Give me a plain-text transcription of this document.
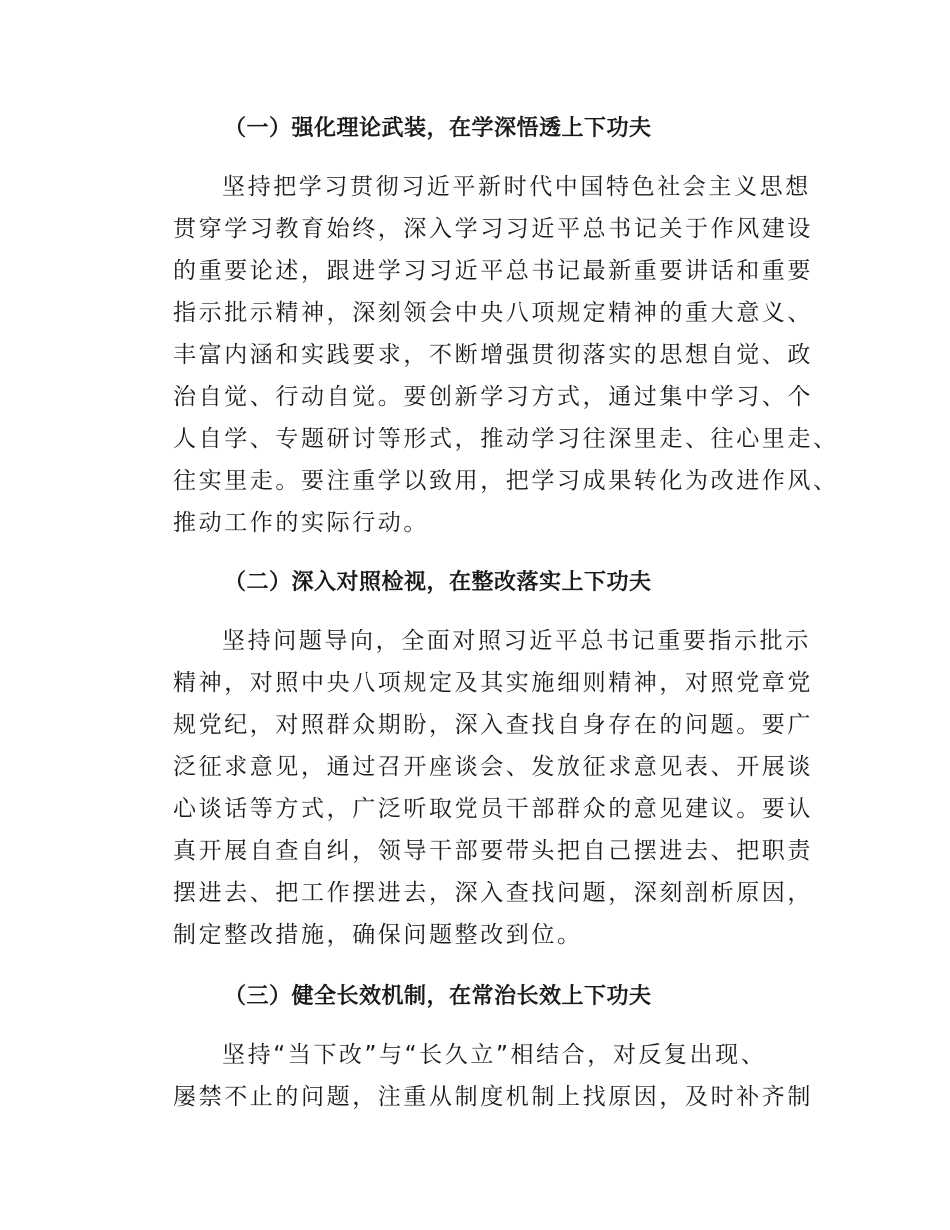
（一）强化理论武装，在学深悟透上下功夫
坚持把学习贯彻习近平新时代中国特色社会主义思想
贯穿学习教育始终，深入学习习近平总书记关于作风建设
的重要论述，跟进学习习近平总书记最新重要讲话和重要
指示批示精神，深刻领会中央八项规定精神的重大意义、
丰富内涵和实践要求，不断增强贯彻落实的思想自觉、政
治自觉、行动自觉。要创新学习方式，通过集中学习、个
人自学、专题研讨等形式，推动学习往深里走、往心里走、
往实里走。要注重学以致用，把学习成果转化为改进作风、
推动工作的实际行动。
（二）深入对照检视，在整改落实上下功夫
坚持问题导向，全面对照习近平总书记重要指示批示
精神，对照中央八项规定及其实施细则精神，对照党章党
规党纪，对照群众期盼，深入查找自身存在的问题。要广
泛征求意见，通过召开座谈会、发放征求意见表、开展谈
心谈话等方式，广泛听取党员干部群众的意见建议。要认
真开展自查自纠，领导干部要带头把自己摆进去、把职责
摆进去、把工作摆进去，深入查找问题，深刻剖析原因，
制定整改措施，确保问题整改到位。
（三）健全长效机制，在常治长效上下功夫
坚持“当下改”与“长久立”相结合，对反复出现、
屡禁不止的问题，注重从制度机制上找原因，及时补齐制
